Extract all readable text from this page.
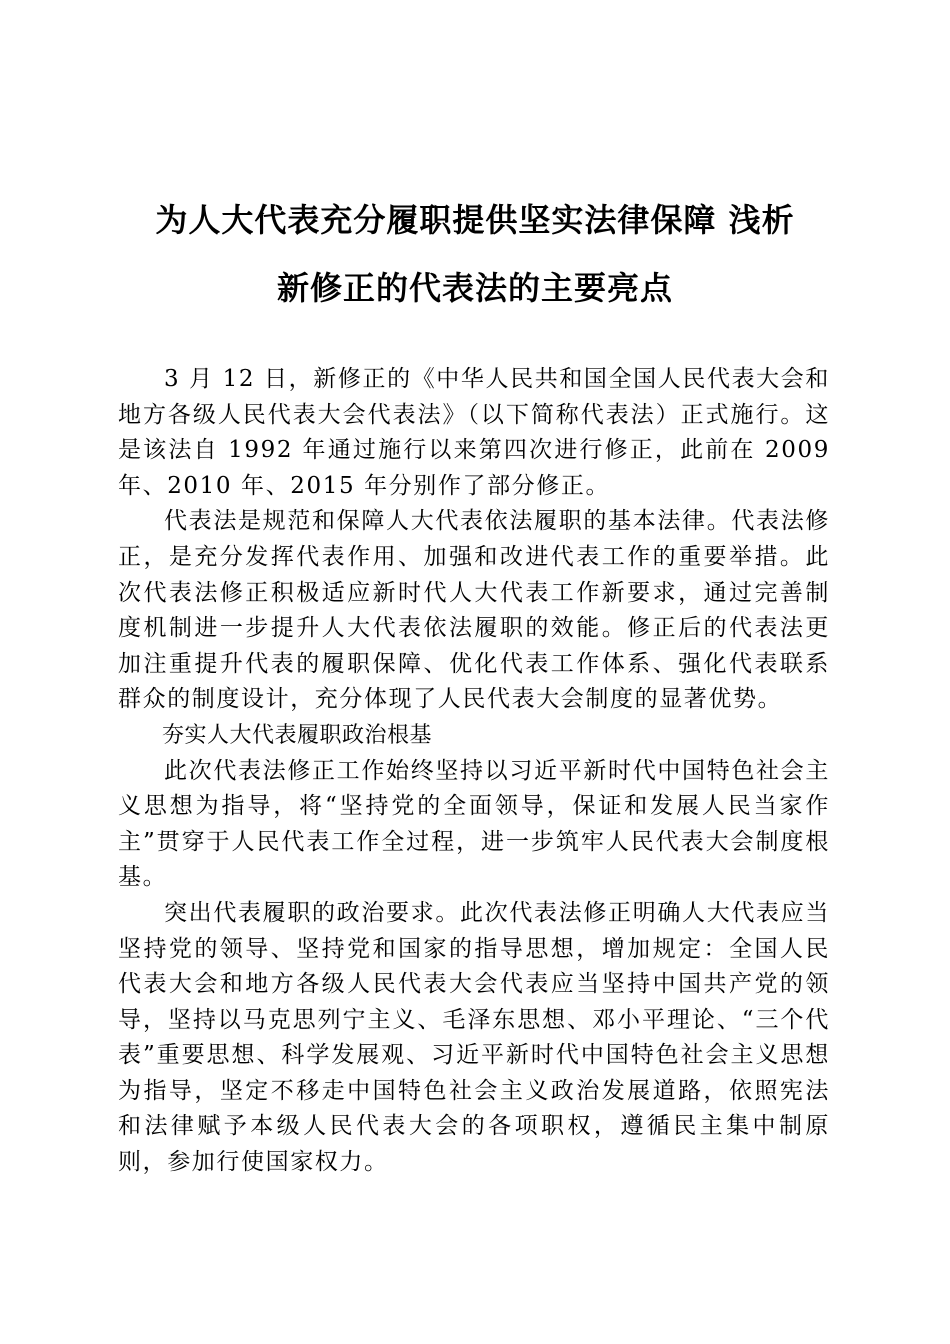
为人大代表充分履职提供坚实法律保障 浅析
新修正的代表法的主要亮点

3 月 12 日，新修正的《中华人民共和国全国人民代表大会和地方各级人民代表大会代表法》（以下简称代表法）正式施行。这是该法自 1992 年通过施行以来第四次进行修正，此前在 2009 年、2010 年、2015 年分别作了部分修正。

代表法是规范和保障人大代表依法履职的基本法律。代表法修正，是充分发挥代表作用、加强和改进代表工作的重要举措。此次代表法修正积极适应新时代人大代表工作新要求，通过完善制度机制进一步提升人大代表依法履职的效能。修正后的代表法更加注重提升代表的履职保障、优化代表工作体系、强化代表联系群众的制度设计，充分体现了人民代表大会制度的显著优势。

夯实人大代表履职政治根基

此次代表法修正工作始终坚持以习近平新时代中国特色社会主义思想为指导，将“坚持党的全面领导，保证和发展人民当家作主”贯穿于人民代表工作全过程，进一步筑牢人民代表大会制度根基。

突出代表履职的政治要求。此次代表法修正明确人大代表应当坚持党的领导、坚持党和国家的指导思想，增加规定：全国人民代表大会和地方各级人民代表大会代表应当坚持中国共产党的领导，坚持以马克思列宁主义、毛泽东思想、邓小平理论、“三个代表”重要思想、科学发展观、习近平新时代中国特色社会主义思想为指导，坚定不移走中国特色社会主义政治发展道路，依照宪法和法律赋予本级人民代表大会的各项职权，遵循民主集中制原则，参加行使国家权力。
